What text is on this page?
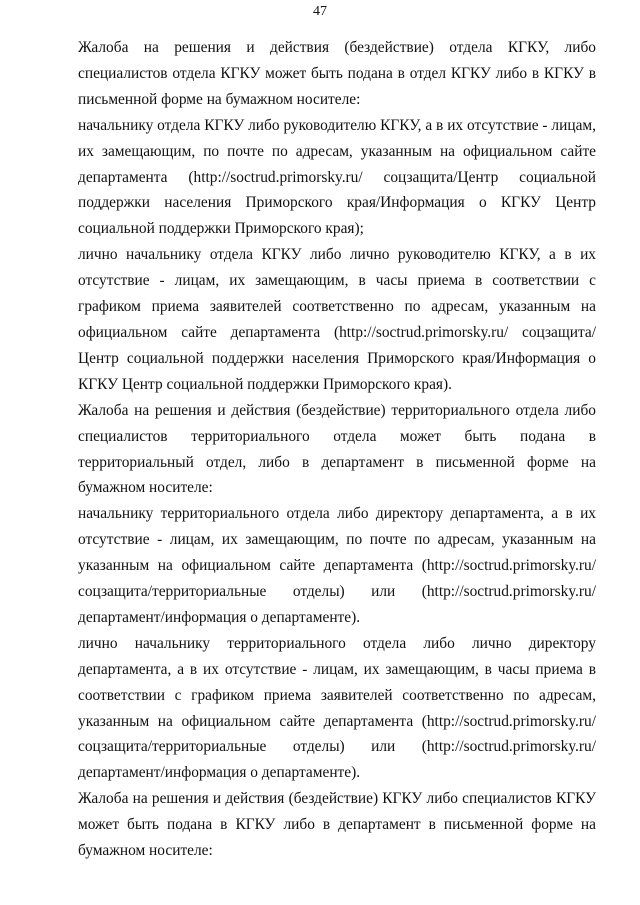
47

Жалоба на решения и действия (бездействие) отдела КГКУ, либо специалистов отдела КГКУ может быть подана в отдел КГКУ либо в КГКУ в письменной форме на бумажном носителе:

начальнику отдела КГКУ либо руководителю КГКУ, а в их отсутствие - лицам, их замещающим, по почте по адресам, указанным на официальном сайте департамента (http://soctrud.primorsky.ru/ соцзащита/Центр социальной поддержки населения Приморского края/Информация о КГКУ Центр социальной поддержки Приморского края);

лично начальнику отдела КГКУ либо лично руководителю КГКУ, а в их отсутствие - лицам, их замещающим, в часы приема в соответствии с графиком приема заявителей соответственно по адресам, указанным на официальном сайте департамента (http://soctrud.primorsky.ru/ соцзащита/Центр социальной поддержки населения Приморского края/Информация о КГКУ Центр социальной поддержки Приморского края).

Жалоба на решения и действия (бездействие) территориального отдела либо специалистов территориального отдела может быть подана в территориальный отдел, либо в департамент в письменной форме на бумажном носителе:

начальнику территориального отдела либо директору департамента, а в их отсутствие - лицам, их замещающим, по почте по адресам, указанным на указанным на официальном сайте департамента (http://soctrud.primorsky.ru/ соцзащита/территориальные отделы) или (http://soctrud.primorsky.ru/ департамент/информация о департаменте).

лично начальнику территориального отдела либо лично директору департамента, а в их отсутствие - лицам, их замещающим, в часы приема в соответствии с графиком приема заявителей соответственно по адресам, указанным на официальном сайте департамента (http://soctrud.primorsky.ru/ соцзащита/территориальные отделы) или (http://soctrud.primorsky.ru/ департамент/информация о департаменте).

Жалоба на решения и действия (бездействие) КГКУ либо специалистов КГКУ может быть подана в КГКУ либо в департамент в письменной форме на бумажном носителе:
